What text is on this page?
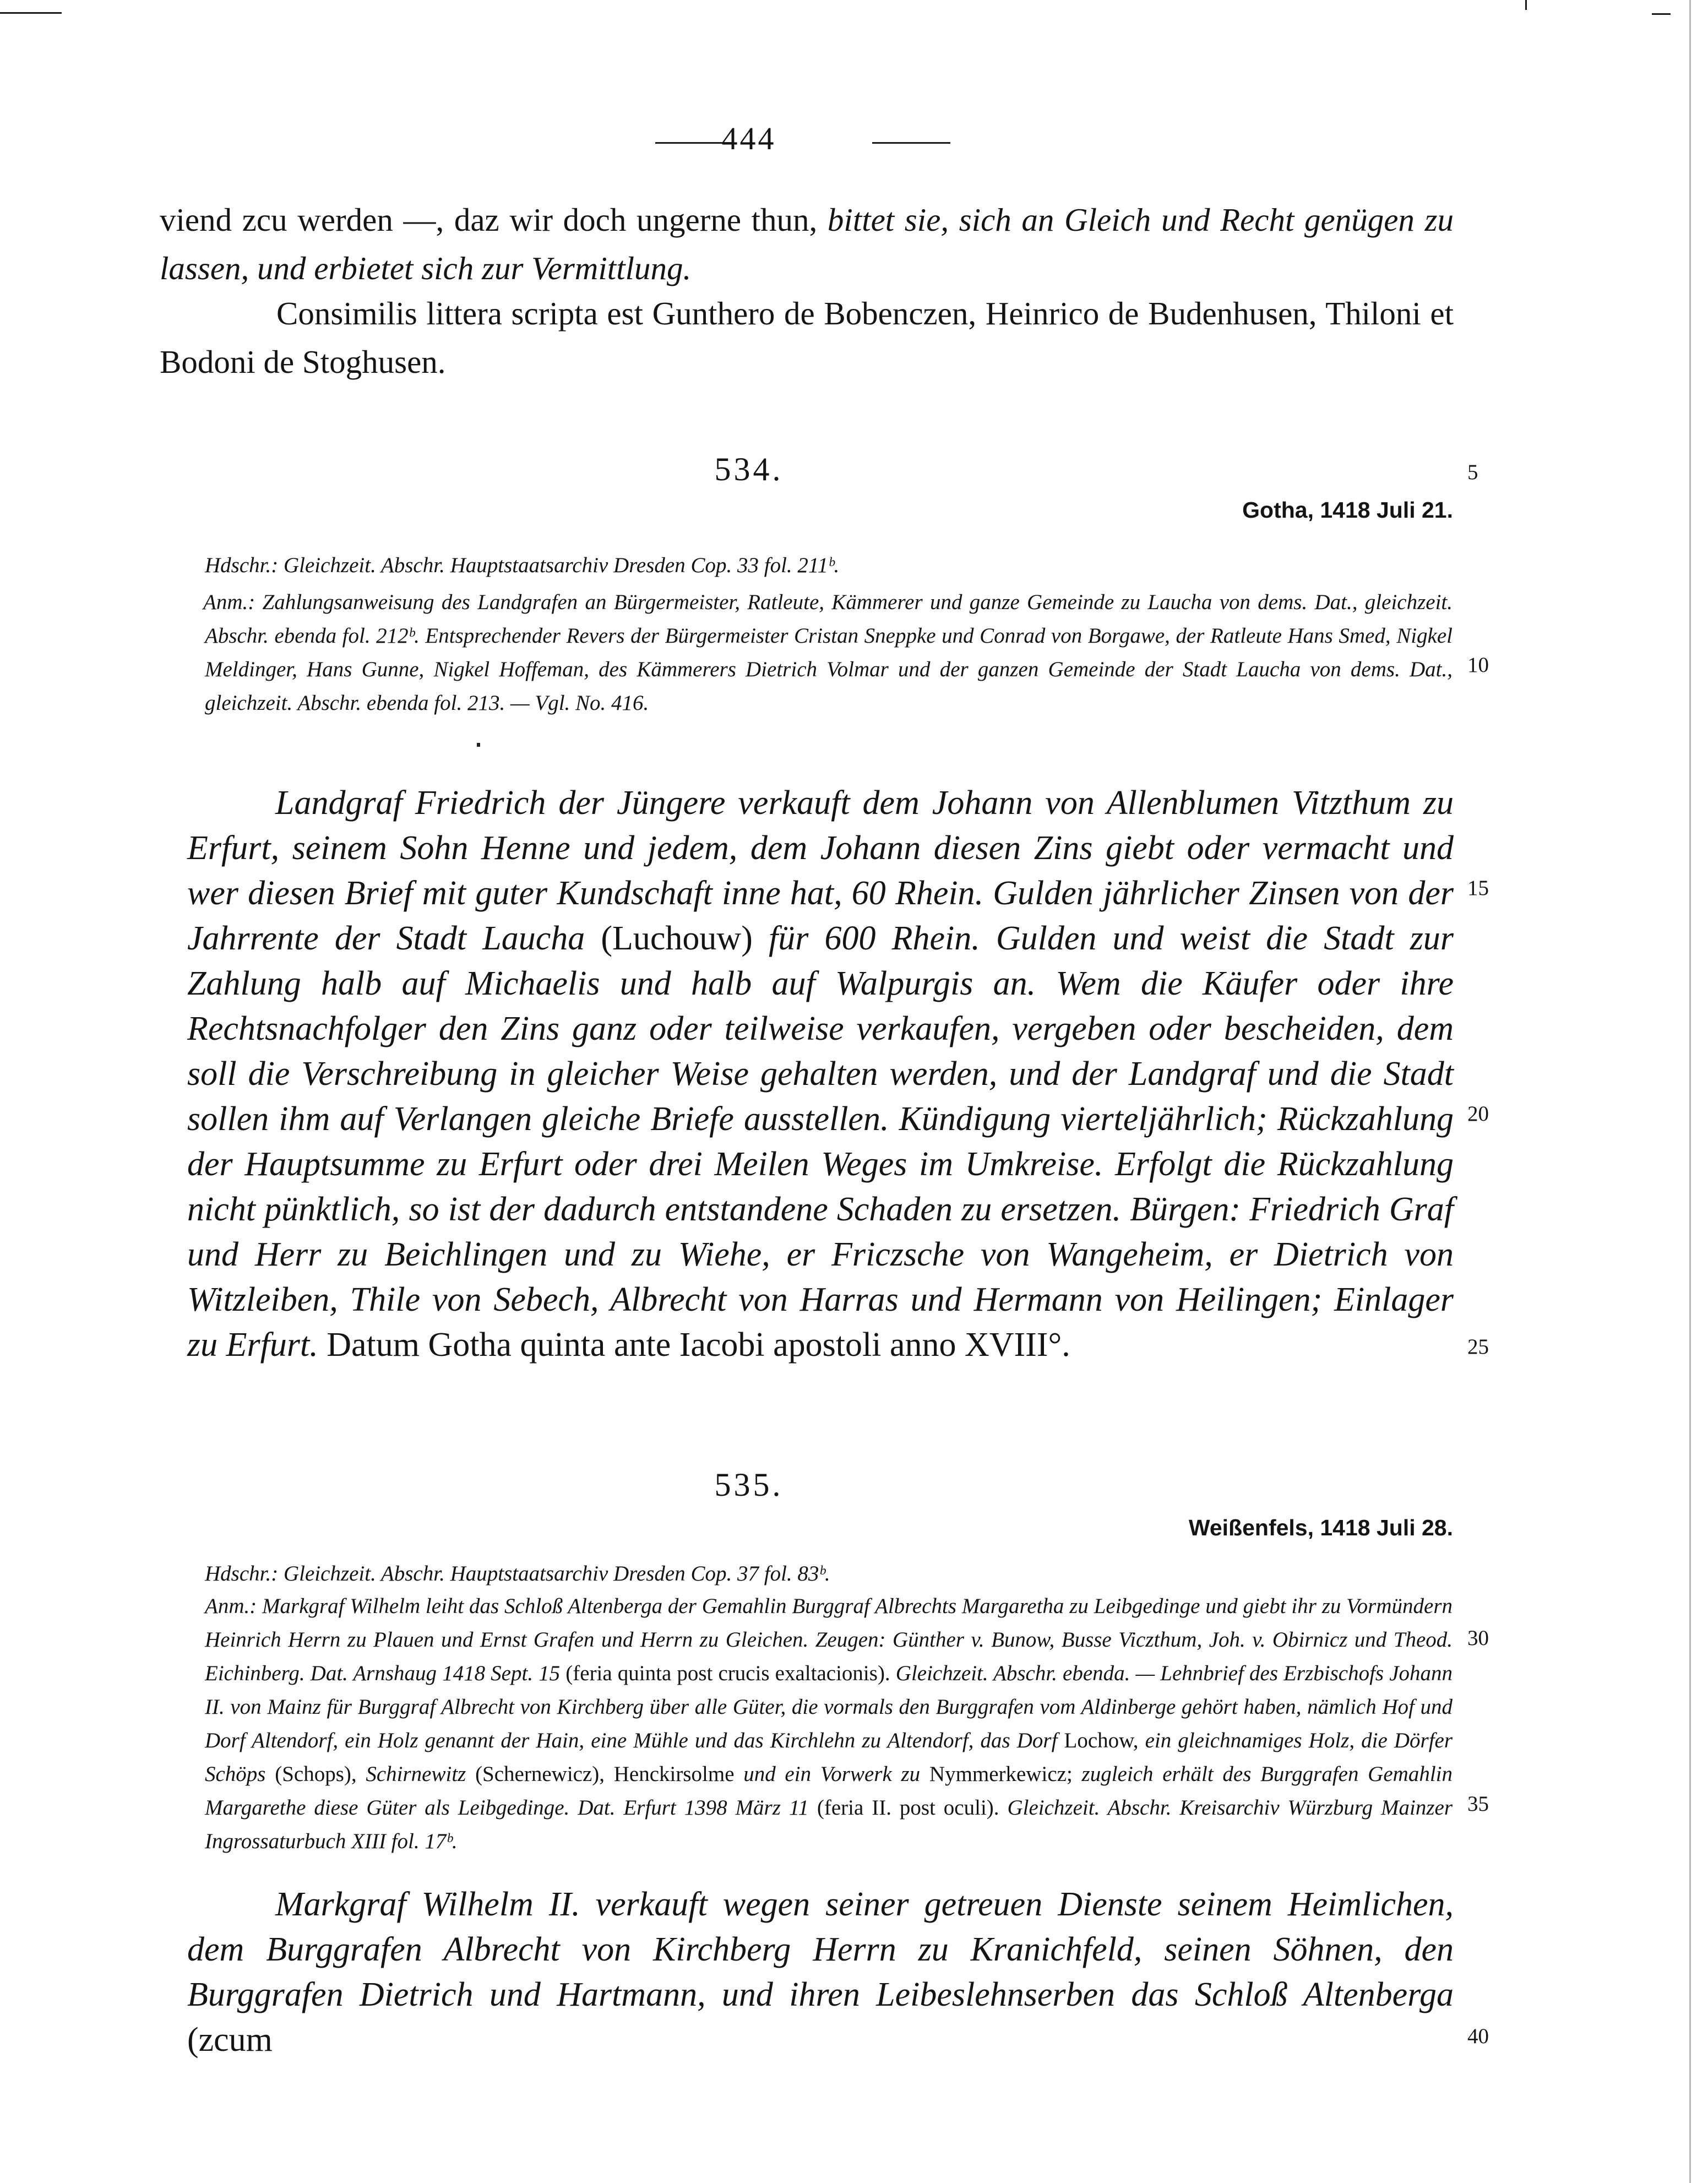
444
viend zcu werden —, daz wir doch ungerne thun, bittet sie, sich an Gleich und Recht genügen zu lassen, und erbietet sich zur Vermittlung.
Consimilis littera scripta est Gunthero de Bobenczen, Heinrico de Budenhusen, Thiloni et Bodoni de Stoghusen.
534.
Gotha, 1418 Juli 21.
Hdschr.: Gleichzeit. Abschr. Hauptstaatsarchiv Dresden Cop. 33 fol. 211ᵇ.
Anm.: Zahlungsanweisung des Landgrafen an Bürgermeister, Ratleute, Kämmerer und ganze Gemeinde zu Laucha von dems. Dat., gleichzeit. Abschr. ebenda fol. 212ᵇ. Entsprechender Revers der Bürgermeister Cristan Sneppke und Conrad von Borgawe, der Ratleute Hans Smed, Nigkel Meldinger, Hans Gunne, Nigkel Hoffeman, des Kämmerers Dietrich Volmar und der ganzen Gemeinde der Stadt Laucha von dems. Dat., gleichzeit. Abschr. ebenda fol. 213. — Vgl. No. 416.
Landgraf Friedrich der Jüngere verkauft dem Johann von Allenblumen Vitzthum zu Erfurt, seinem Sohn Henne und jedem, dem Johann diesen Zins giebt oder vermacht und wer diesen Brief mit guter Kundschaft inne hat, 60 Rhein. Gulden jährlicher Zinsen von der Jahrrente der Stadt Laucha (Luchouw) für 600 Rhein. Gulden und weist die Stadt zur Zahlung halb auf Michaelis und halb auf Walpurgis an. Wem die Käufer oder ihre Rechtsnachfolger den Zins ganz oder teilweise verkaufen, vergeben oder bescheiden, dem soll die Verschreibung in gleicher Weise gehalten werden, und der Landgraf und die Stadt sollen ihm auf Verlangen gleiche Briefe ausstellen. Kündigung vierteljährlich; Rückzahlung der Hauptsumme zu Erfurt oder drei Meilen Weges im Umkreise. Erfolgt die Rückzahlung nicht pünktlich, so ist der dadurch entstandene Schaden zu ersetzen. Bürgen: Friedrich Graf und Herr zu Beichlingen und zu Wiehe, er Friczsche von Wangeheim, er Dietrich von Witzleiben, Thile von Sebech, Albrecht von Harras und Hermann von Heilingen; Einlager zu Erfurt. Datum Gotha quinta ante Iacobi apostoli anno XVIII°.
535.
Weißenfels, 1418 Juli 28.
Hdschr.: Gleichzeit. Abschr. Hauptstaatsarchiv Dresden Cop. 37 fol. 83ᵇ.
Anm.: Markgraf Wilhelm leiht das Schloß Altenberga der Gemahlin Burggraf Albrechts Margaretha zu Leibgedinge und giebt ihr zu Vormündern Heinrich Herrn zu Plauen und Ernst Grafen und Herrn zu Gleichen. Zeugen: Günther v. Bunow, Busse Viczthum, Joh. v. Obirnicz und Theod. Eichinberg. Dat. Arnshaug 1418 Sept. 15 (feria quinta post crucis exaltacionis). Gleichzeit. Abschr. ebenda. — Lehnbrief des Erzbischofs Johann II. von Mainz für Burggraf Albrecht von Kirchberg über alle Güter, die vormals den Burggrafen vom Aldinberge gehört haben, nämlich Hof und Dorf Altendorf, ein Holz genannt der Hain, eine Mühle und das Kirchlehn zu Altendorf, das Dorf Lochow, ein gleichnamiges Holz, die Dörfer Schöps (Schops), Schirnewitz (Schernewicz), Henckirsolme und ein Vorwerk zu Nymmerkewicz; zugleich erhält des Burggrafen Gemahlin Margarethe diese Güter als Leibgedinge. Dat. Erfurt 1398 März 11 (feria II. post oculi). Gleichzeit. Abschr. Kreisarchiv Würzburg Mainzer Ingrossaturbuch XIII fol. 17ᵇ.
Markgraf Wilhelm II. verkauft wegen seiner getreuen Dienste seinem Heimlichen, dem Burggrafen Albrecht von Kirchberg Herrn zu Kranichfeld, seinen Söhnen, den Burggrafen Dietrich und Hartmann, und ihren Leibeslehnserben das Schloß Altenberga (zcum
5
10
15
20
25
30
35
40
